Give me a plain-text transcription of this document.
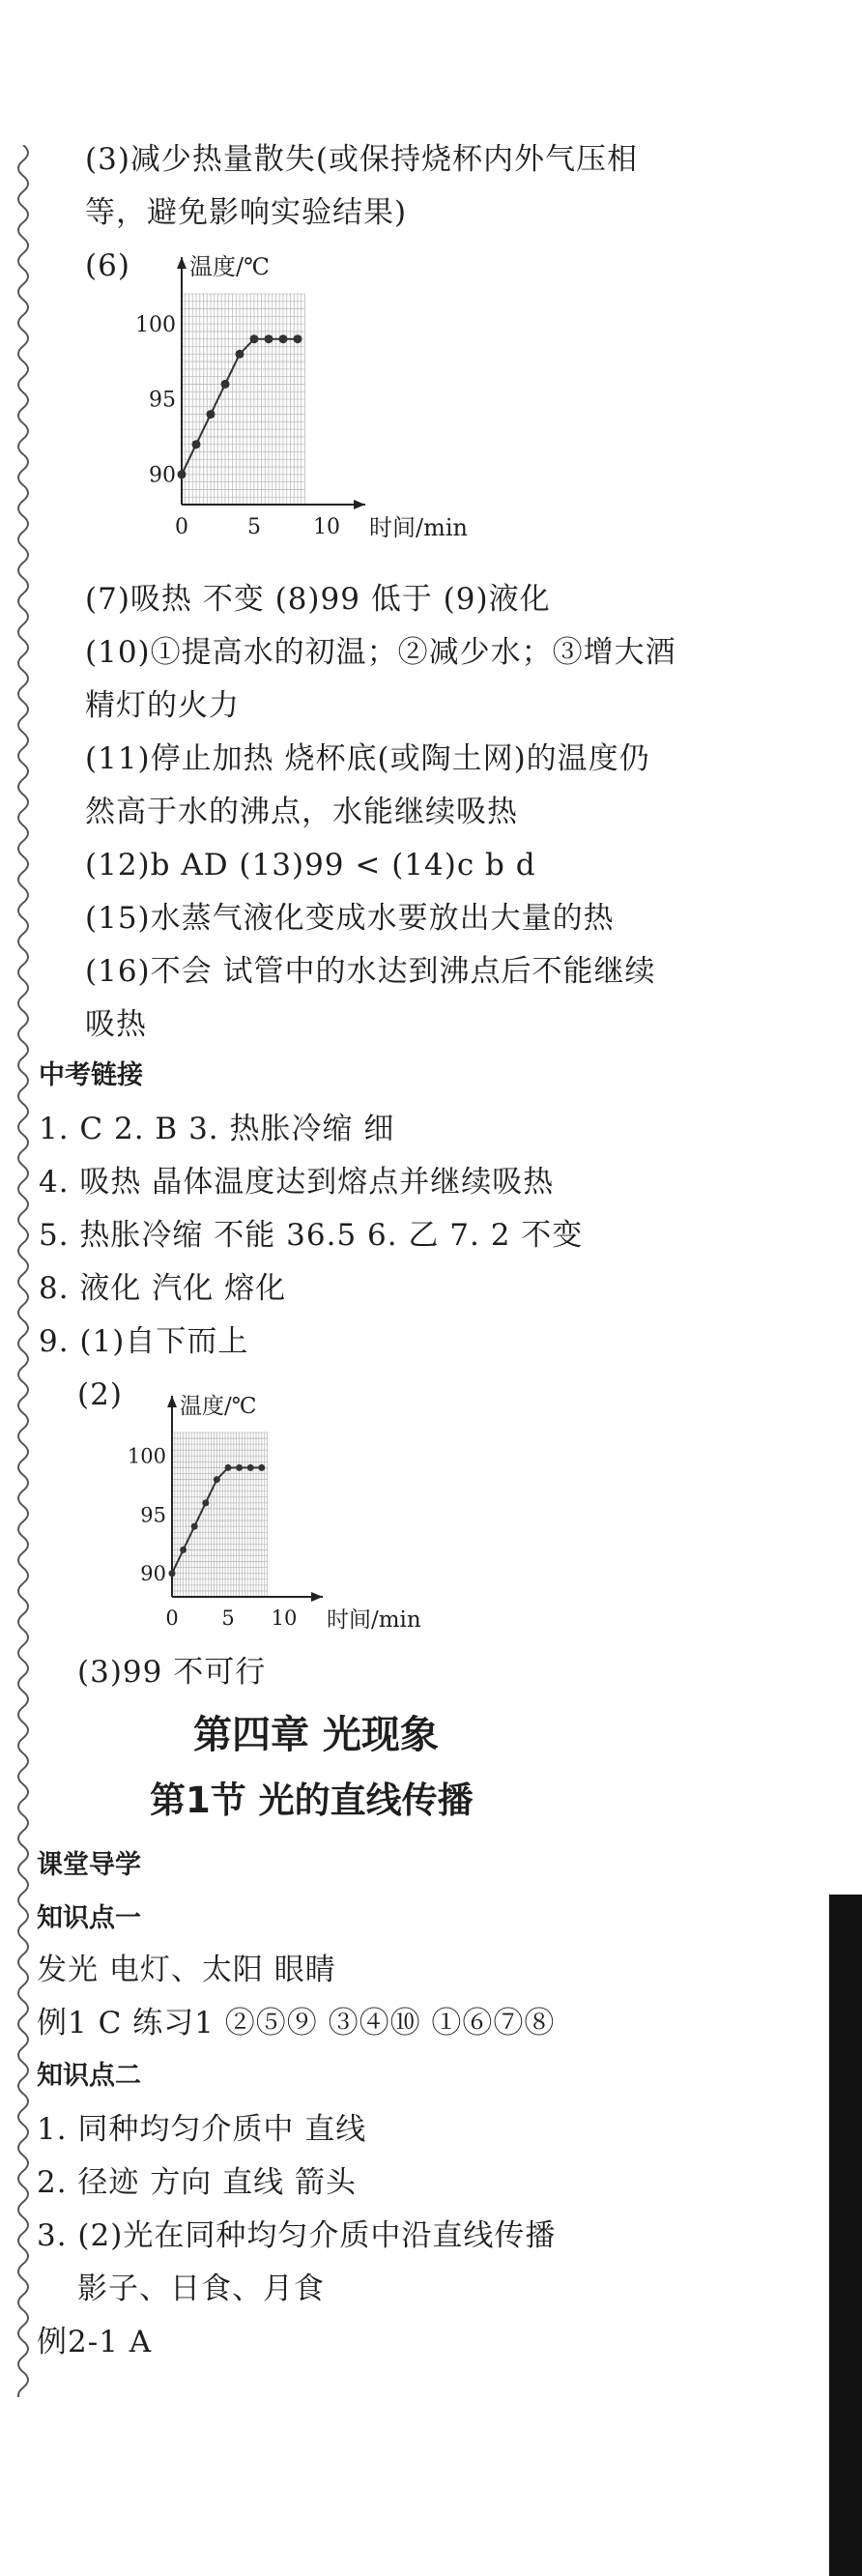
(3)减少热量散失(或保持烧杯内外气压相
等，避免影响实验结果)
(6)	温度/℃
时间/min
0	5 10
90
95
100
(7)吸热 不变 (8)99 低于 (9)液化
(10)①提高水的初温；②减少水；③增大酒
精灯的火力
(11)停止加热 烧杯底(或陶土网)的温度仍
然高于水的沸点，水能继续吸热
(12)b AD (13)99 < (14)c b d
(15)水蒸气液化变成水要放出大量的热
(16)不会 试管中的水达到沸点后不能继续
吸热
中考链接
1. C 2. B 3. 热胀冷缩 细
4. 吸热 晶体温度达到熔点并继续吸热
5. 热胀冷缩 不能 36.5 6. 乙 7. 2 不变
8. 液化 汽化 熔化
9. (1)自下而上
(2)	温度/℃
时间/min
0 5 10
90
95
100
(3)99 不可行
第四章 光现象
第1节 光的直线传播
课堂导学
知识点一
发光 电灯、太阳 眼睛
例1 C 练习1 ②⑤⑨ ③④⑩ ①⑥⑦⑧
知识点二
1. 同种均匀介质中 直线
2. 径迹 方向 直线 箭头
3. (2)光在同种均匀介质中沿直线传播
影子、日食、月食
例2-1 A
